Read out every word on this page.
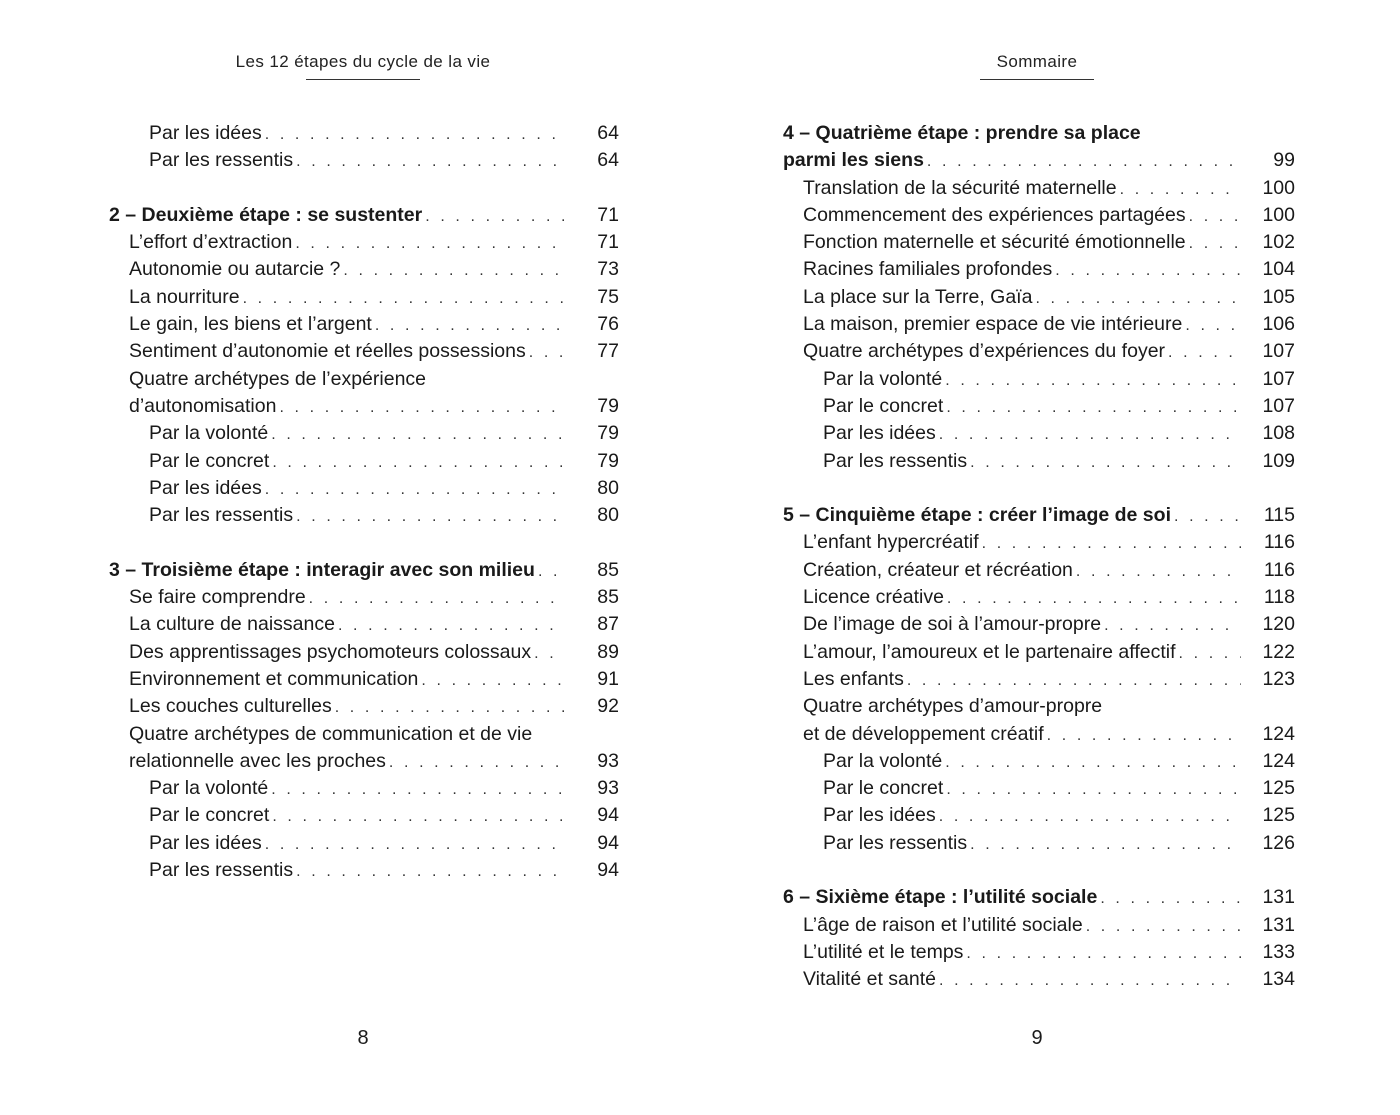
Les 12 étapes du cycle de la vie
Par les idées . . .	64
Par les ressentis . . .	64
2 – Deuxième étape : se sustenter . . .	71
L’effort d’extraction . . .	71
Autonomie ou autarcie ? . . .	73
La nourriture . . .	75
Le gain, les biens et l’argent . . .	76
Sentiment d’autonomie et réelles possessions . . .	77
Quatre archétypes de l’expérience
d’autonomisation . . .	79
Par la volonté . . .	79
Par le concret . . .	79
Par les idées . . .	80
Par les ressentis . . .	80
3 – Troisième étape : interagir avec son milieu . . .	85
Se faire comprendre . . .	85
La culture de naissance . . .	87
Des apprentissages psychomoteurs colossaux . . .	89
Environnement et communication . . .	91
Les couches culturelles . . .	92
Quatre archétypes de communication et de vie
relationnelle avec les proches . . .	93
Par la volonté . . .	93
Par le concret . . .	94
Par les idées . . .	94
Par les ressentis . . .	94
8
Sommaire
4 – Quatrième étape : prendre sa place
parmi les siens . . .	99
Translation de la sécurité maternelle . . .	100
Commencement des expériences partagées . . .	100
Fonction maternelle et sécurité émotionnelle . . .	102
Racines familiales profondes . . .	104
La place sur la Terre, Gaïa . . .	105
La maison, premier espace de vie intérieure . . .	106
Quatre archétypes d’expériences du foyer . . .	107
Par la volonté . . .	107
Par le concret . . .	107
Par les idées . . .	108
Par les ressentis . . .	109
5 – Cinquième étape : créer l’image de soi . . .	115
L’enfant hypercréatif . . .	116
Création, créateur et récréation . . .	116
Licence créative . . .	118
De l’image de soi à l’amour-propre . . .	120
L’amour, l’amoureux et le partenaire affectif . . .	122
Les enfants . . .	123
Quatre archétypes d’amour-propre
et de développement créatif . . .	124
Par la volonté . . .	124
Par le concret . . .	125
Par les idées . . .	125
Par les ressentis . . .	126
6 – Sixième étape : l’utilité sociale . . .	131
L’âge de raison et l’utilité sociale . . .	131
L’utilité et le temps . . .	133
Vitalité et santé . . .	134
9
